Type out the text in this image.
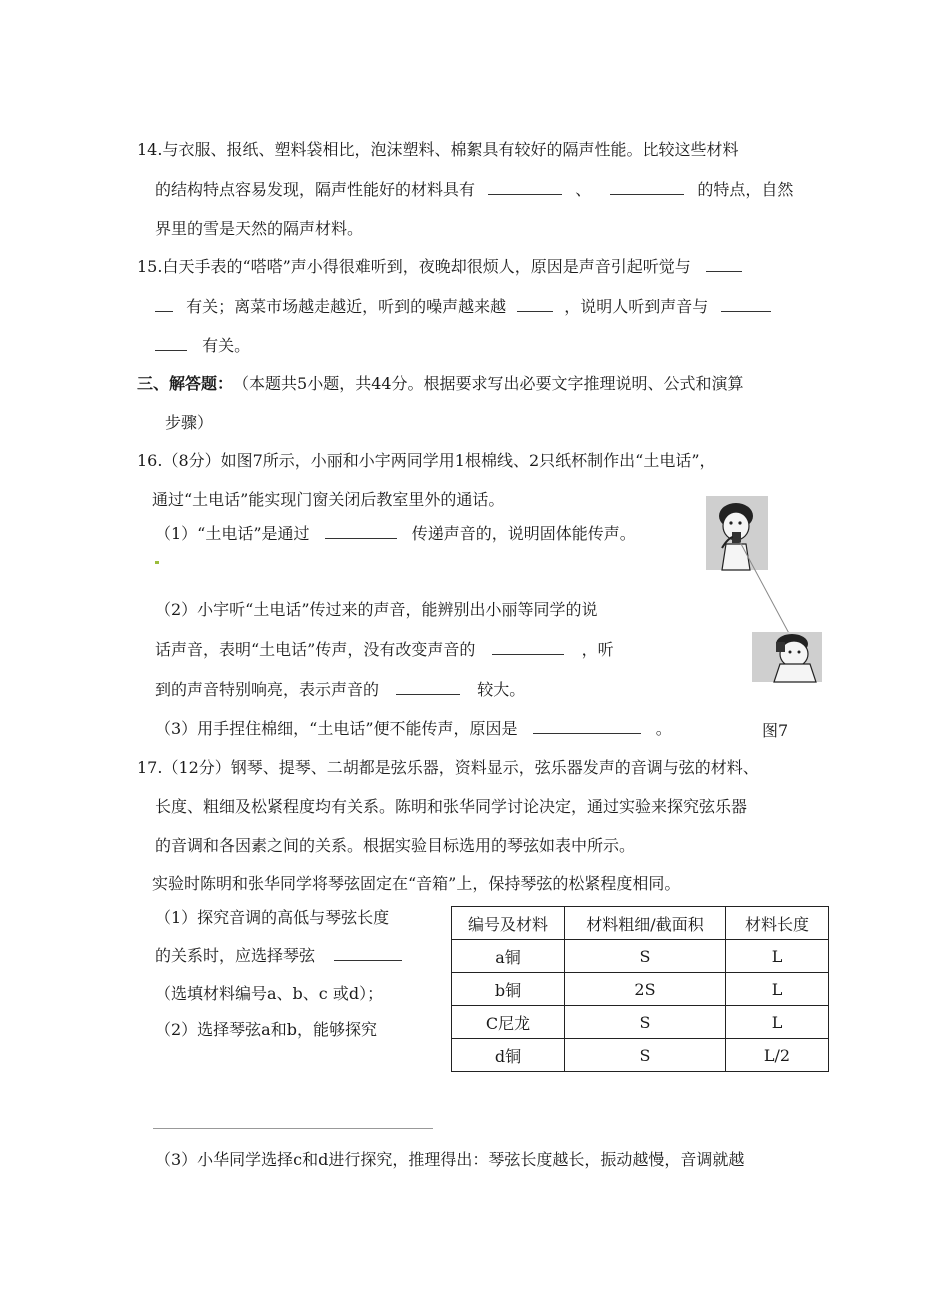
14.与衣服、报纸、塑料袋相比，泡沫塑料、棉絮具有较好的隔声性能。比较这些材料
的结构特点容易发现，隔声性能好的材料具有	、	的特点，自然
界里的雪是天然的隔声材料。
15.白天手表的“嗒嗒”声小得很难听到，夜晚却很烦人，原因是声音引起听觉与
有关；离菜市场越走越近，听到的噪声越来越	，说明人听到声音与
有关。
三、解答题： （本题共5小题，共44分。根据要求写出必要文字推理说明、公式和演算
步骤）
16.（8分）如图7所示，小丽和小宇两同学用1根棉线、2只纸杯制作出“土电话”，
通过“土电话”能实现门窗关闭后教室里外的通话。
（1）“土电话”是通过	传递声音的，说明固体能传声。
（2）小宇听“土电话”传过来的声音，能辨别出小丽等同学的说
话声音，表明“土电话”传声，没有改变声音的	，听
到的声音特别响亮，表示声音的	较大。
（3）用手捏住棉细，“土电话”便不能传声，原因是	。	图7
17.（12分）钢琴、提琴、二胡都是弦乐器，资料显示，弦乐器发声的音调与弦的材料、
长度、粗细及松紧程度均有关系。陈明和张华同学讨论决定，通过实验来探究弦乐器
的音调和各因素之间的关系。根据实验目标选用的琴弦如表中所示。
实验时陈明和张华同学将琴弦固定在“音箱”上，保持琴弦的松紧程度相同。
（1）探究音调的高低与琴弦长度
的关系时，应选择琴弦
（选填材料编号a、b、c 或d）；
（2）选择琴弦a和b，能够探究
编号及材料	材料粗细/截面积	材料长度
a铜	S	L
b铜	2S	L
C尼龙	S	L
d铜	S	L/2
（3）小华同学选择c和d进行探究，推理得出：琴弦长度越长，振动越慢，音调就越
